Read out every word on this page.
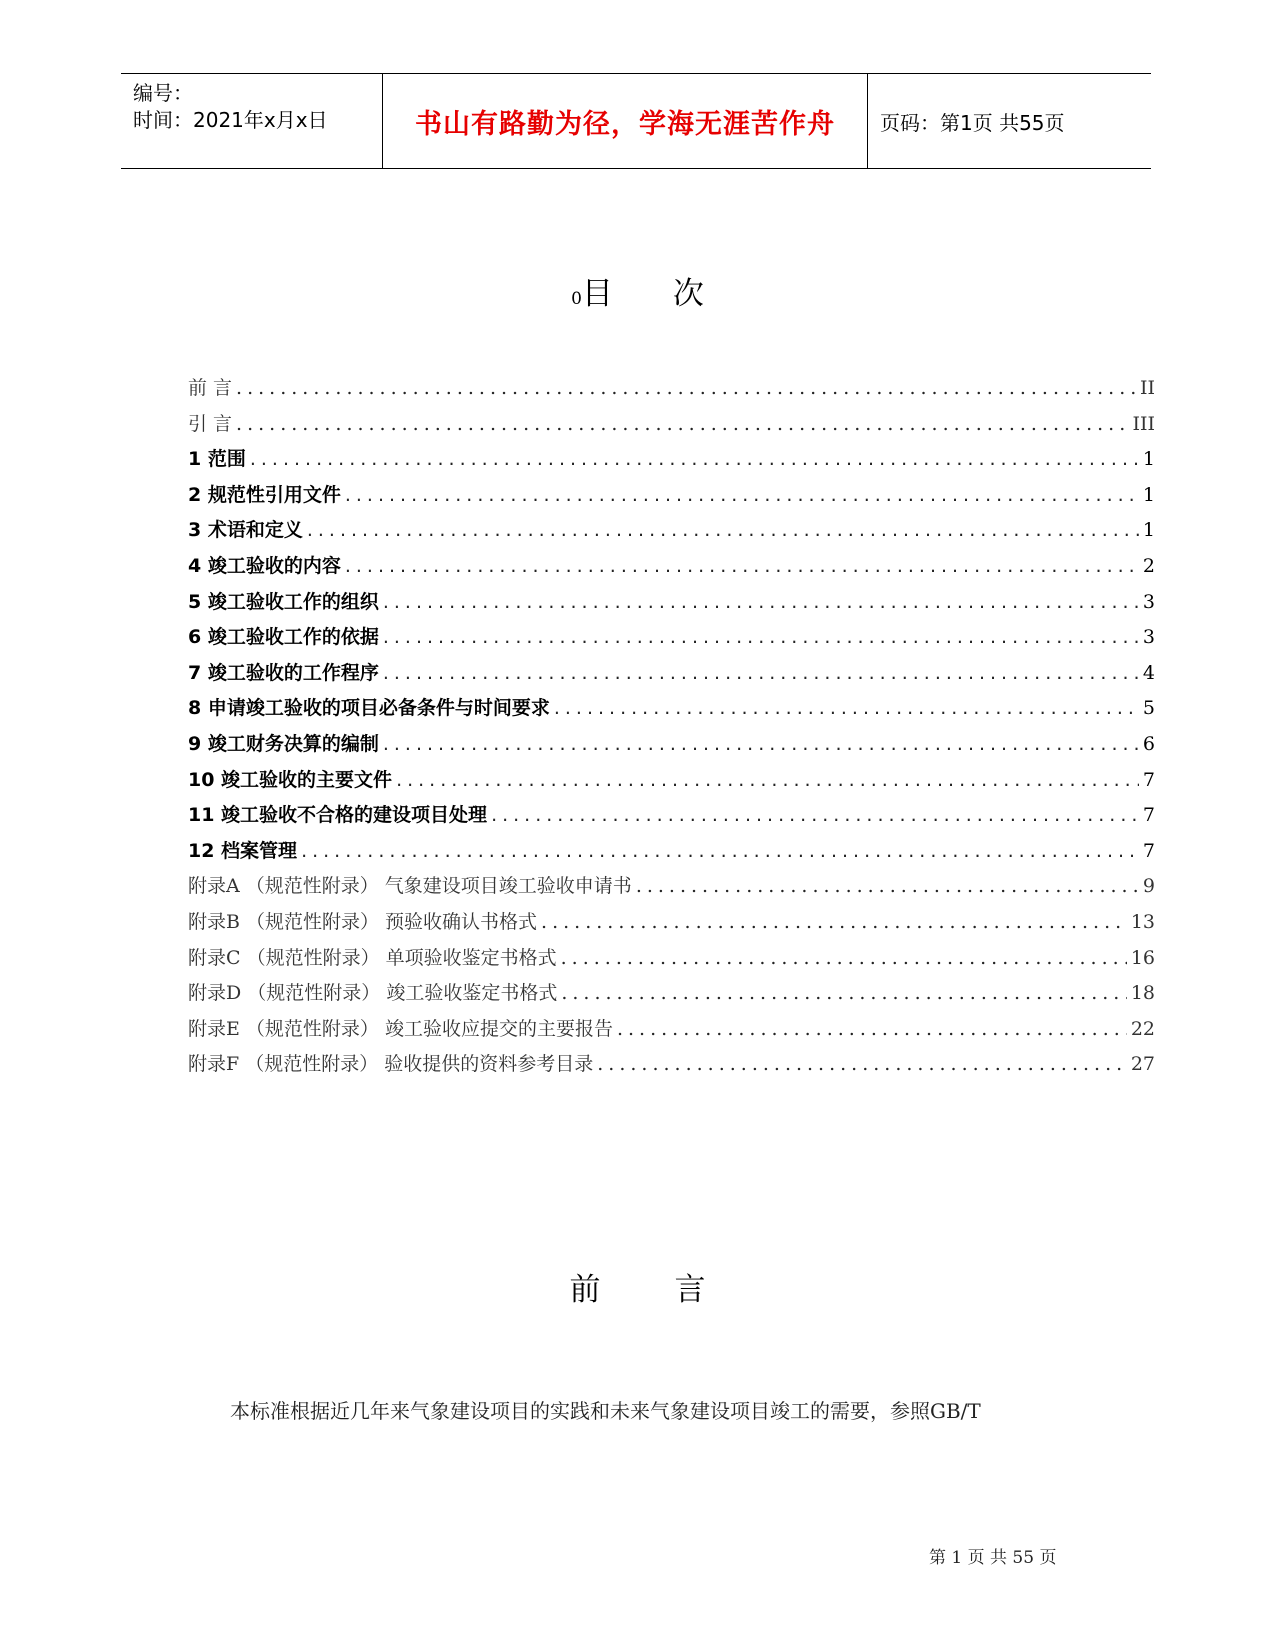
编号：
时间：2021年x月x日	书山有路勤为径，学海无涯苦作舟 页码：第1页 共55页
0目 次
前 言 .....	II
引 言 .....	III
1 范围 .....	1
2 规范性引用文件 .....	1
3 术语和定义 .....	1
4 竣工验收的内容 .....	2
5 竣工验收工作的组织 .....	3
6 竣工验收工作的依据 .....	3
7 竣工验收的工作程序 .....	4
8 申请竣工验收的项目必备条件与时间要求 .....	5
9 竣工财务决算的编制 .....	6
10 竣工验收的主要文件 .....	7
11 竣工验收不合格的建设项目处理 .....	7
12 档案管理 .....	7
附录A （规范性附录） 气象建设项目竣工验收申请书 .....	9
附录B （规范性附录） 预验收确认书格式 .....	13
附录C （规范性附录） 单项验收鉴定书格式 .....	16
附录D （规范性附录） 竣工验收鉴定书格式 .....	18
附录E （规范性附录） 竣工验收应提交的主要报告 .....	22
附录F （规范性附录） 验收提供的资料参考目录 .....	27
前 言
本标准根据近几年来气象建设项目的实践和未来气象建设项目竣工的需要，参照GB/T
第 1 页 共 55 页
